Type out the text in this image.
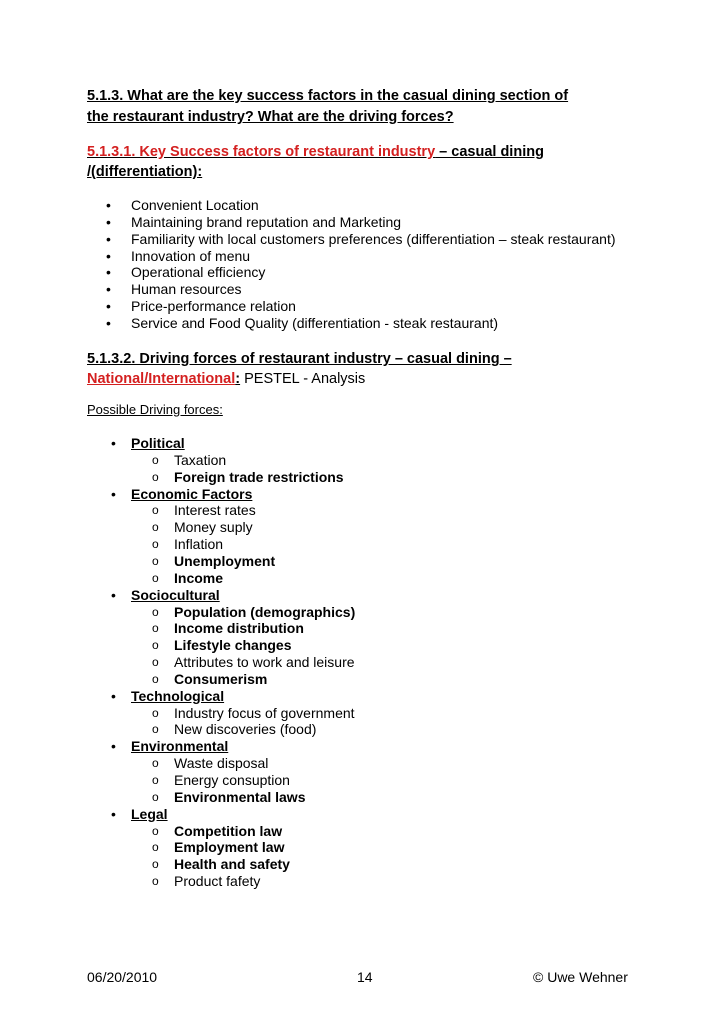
5.1.3. What are the key success factors in the casual dining section of
the restaurant industry? What are the driving forces?
5.1.3.1. Key Success factors of restaurant industry – casual dining
/(differentiation):
• Convenient Location
• Maintaining brand reputation and Marketing
• Familiarity with local customers preferences (differentiation – steak restaurant)
• Innovation of menu
• Operational efficiency
• Human resources
• Price-performance relation
• Service and Food Quality (differentiation - steak restaurant)
5.1.3.2. Driving forces of restaurant industry – casual dining –
National/International: PESTEL - Analysis
Possible Driving forces:
• Political
o Taxation
o Foreign trade restrictions
• Economic Factors
o Interest rates
o Money suply
o Inflation
o Unemployment
o Income
• Sociocultural
o Population (demographics)
o Income distribution
o Lifestyle changes
o Attributes to work and leisure
o Consumerism
• Technological
o Industry focus of government
o New discoveries (food)
• Environmental
o Waste disposal
o Energy consuption
o Environmental laws
• Legal
o Competition law
o Employment law
o Health and safety
o Product fafety
06/20/2010	14	© Uwe Wehner
